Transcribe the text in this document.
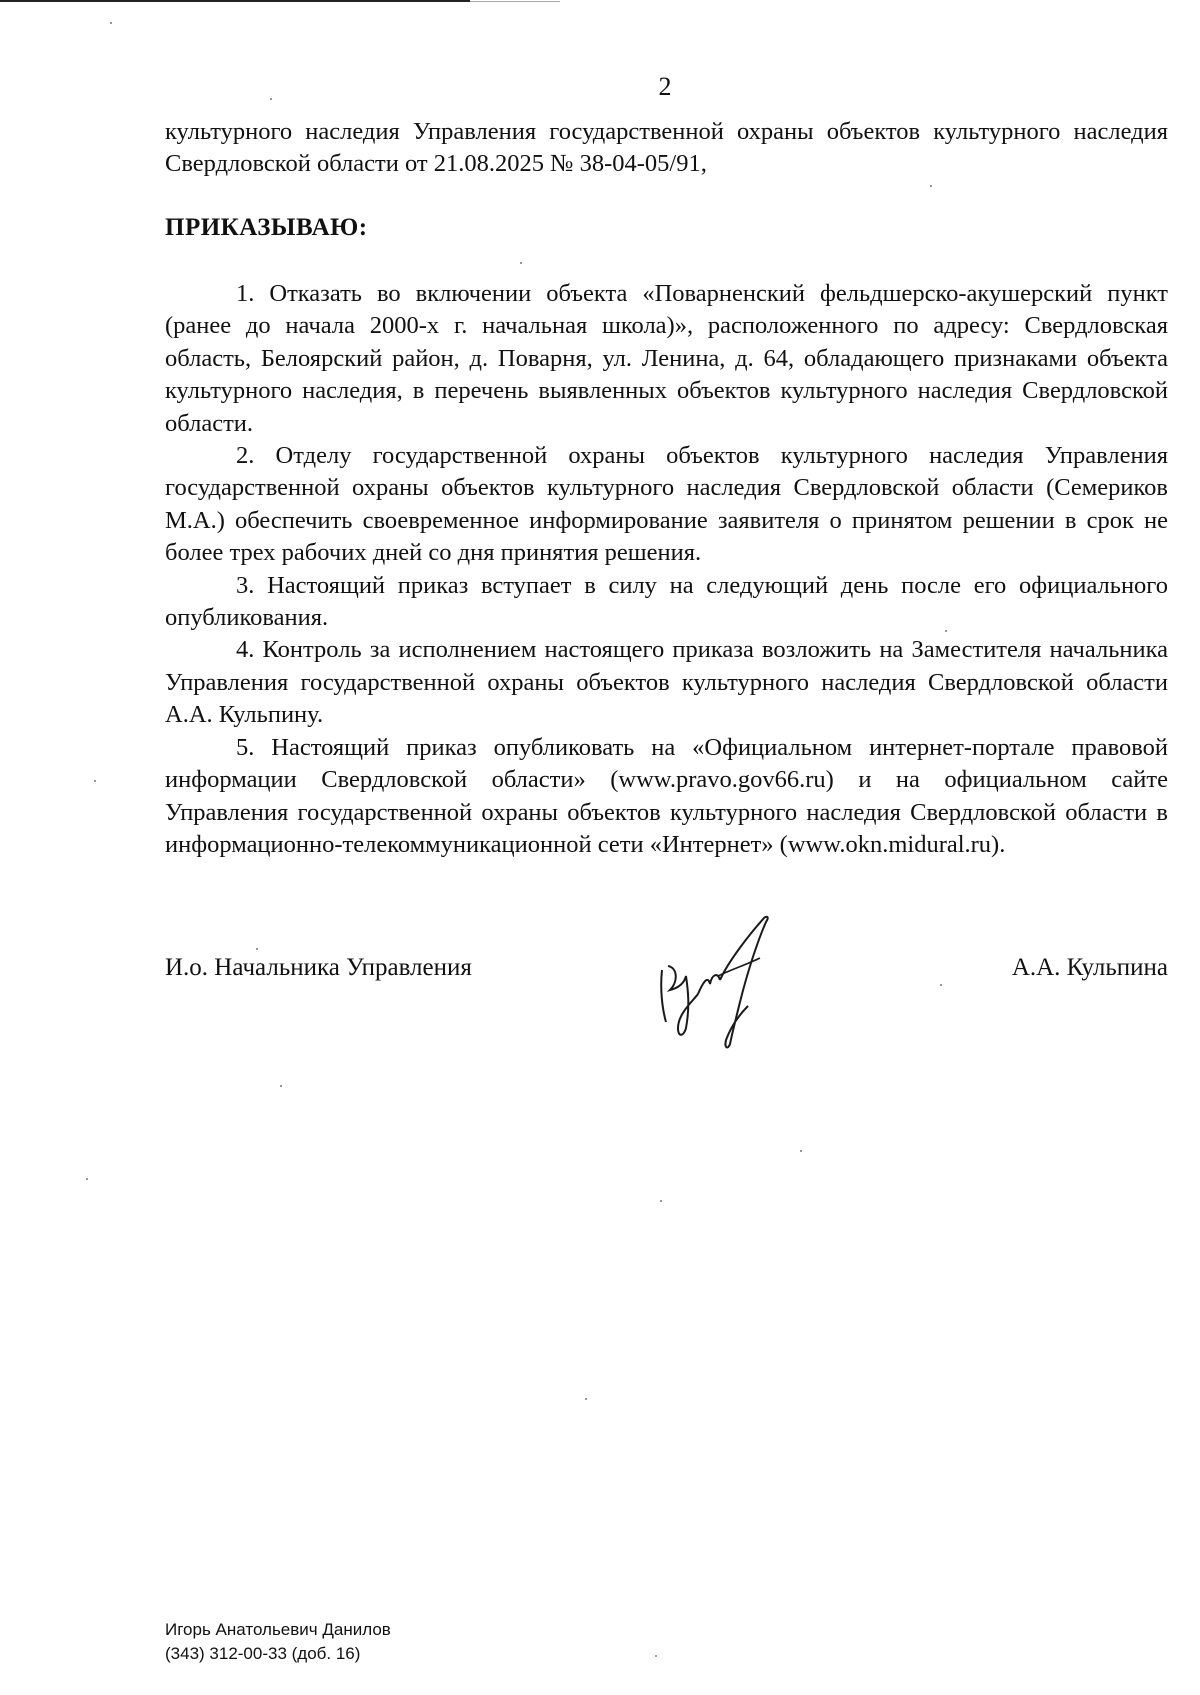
2

культурного наследия Управления государственной охраны объектов культурного наследия Свердловской области от 21.08.2025 № 38-04-05/91,

ПРИКАЗЫВАЮ:

1. Отказать во включении объекта «Поварненский фельдшерско-акушерский пункт (ранее до начала 2000-х г. начальная школа)», расположенного по адресу: Свердловская область, Белоярский район, д. Поварня, ул. Ленина, д. 64, обладающего признаками объекта культурного наследия, в перечень выявленных объектов культурного наследия Свердловской области.

2. Отделу государственной охраны объектов культурного наследия Управления государственной охраны объектов культурного наследия Свердловской области (Семериков М.А.) обеспечить своевременное информирование заявителя о принятом решении в срок не более трех рабочих дней со дня принятия решения.

3. Настоящий приказ вступает в силу на следующий день после его официального опубликования.

4. Контроль за исполнением настоящего приказа возложить на Заместителя начальника Управления государственной охраны объектов культурного наследия Свердловской области А.А. Кульпину.

5. Настоящий приказ опубликовать на «Официальном интернет-портале правовой информации Свердловской области» (www.pravo.gov66.ru) и на официальном сайте Управления государственной охраны объектов культурного наследия Свердловской области в информационно-телекоммуникационной сети «Интернет» (www.okn.midural.ru).

И.о. Начальника Управления	А.А. Кульпина
Игорь Анатольевич Данилов
(343) 312-00-33 (доб. 16)
